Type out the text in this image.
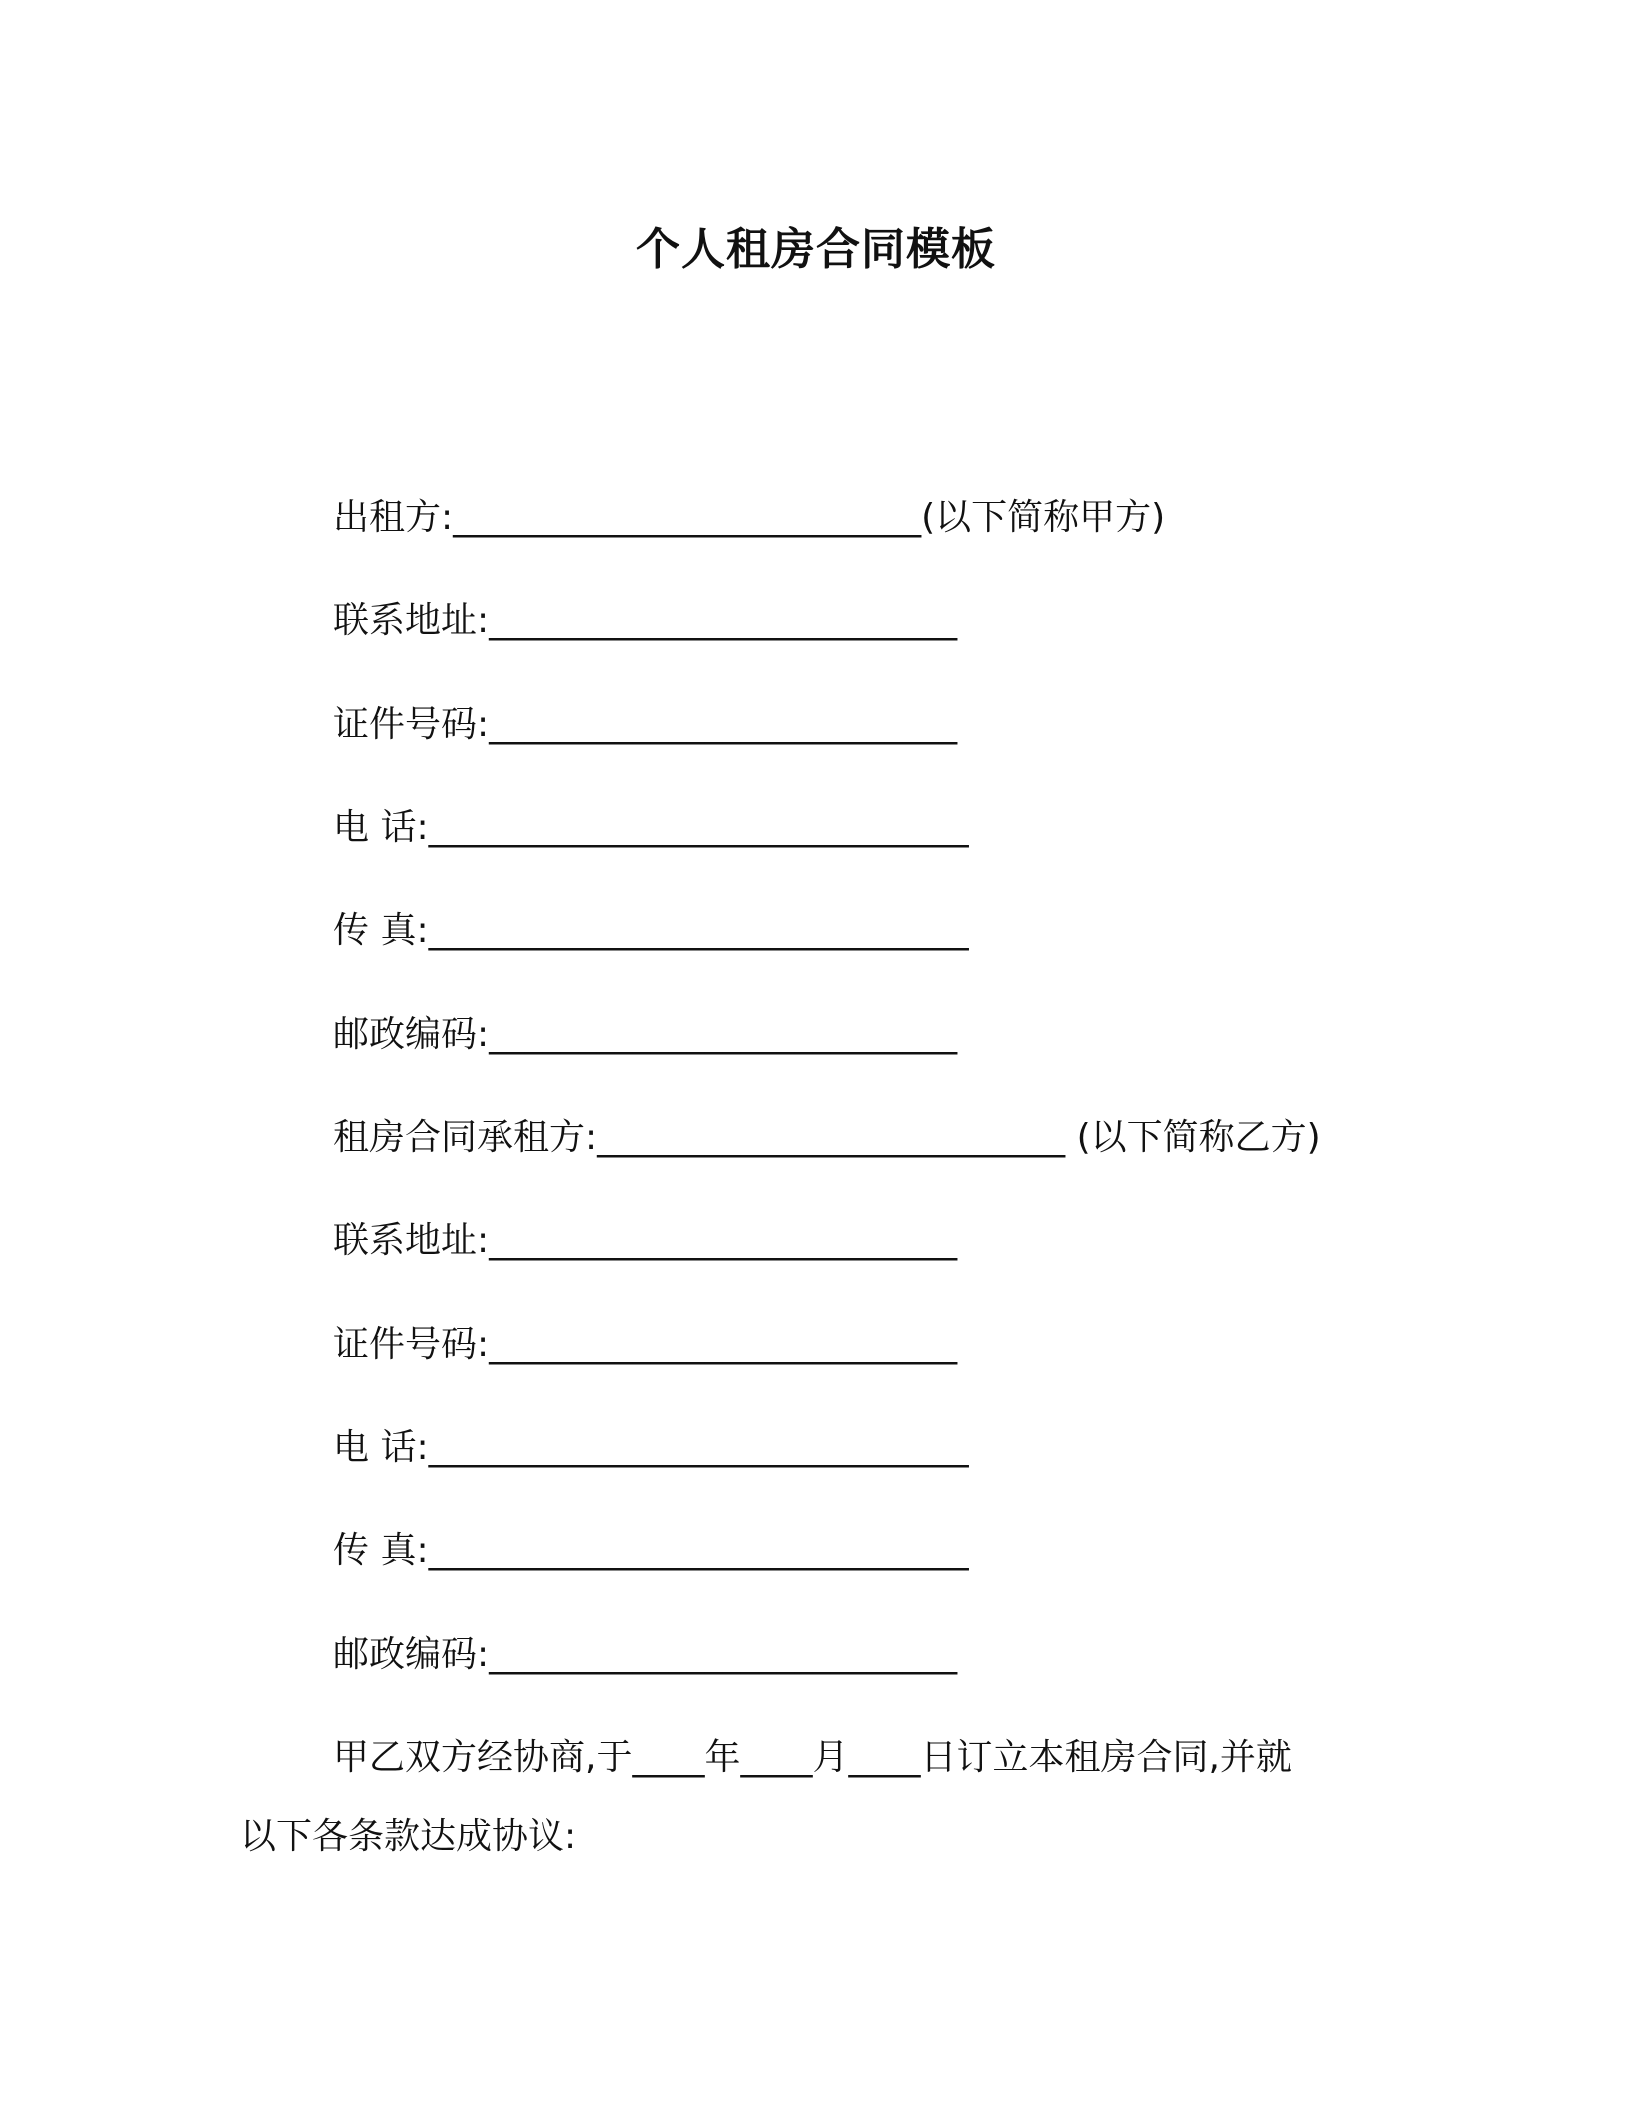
个人租房合同模板
出租方:__________________________(以下简称甲方)
联系地址:__________________________
证件号码:__________________________
电 话:______________________________
传 真:______________________________
邮政编码:__________________________
租房合同承租方:__________________________ (以下简称乙方)
联系地址:__________________________
证件号码:__________________________
电 话:______________________________
传 真:______________________________
邮政编码:__________________________
甲乙双方经协商,于____年____月____日订立本租房合同,并就
以下各条款达成协议:
